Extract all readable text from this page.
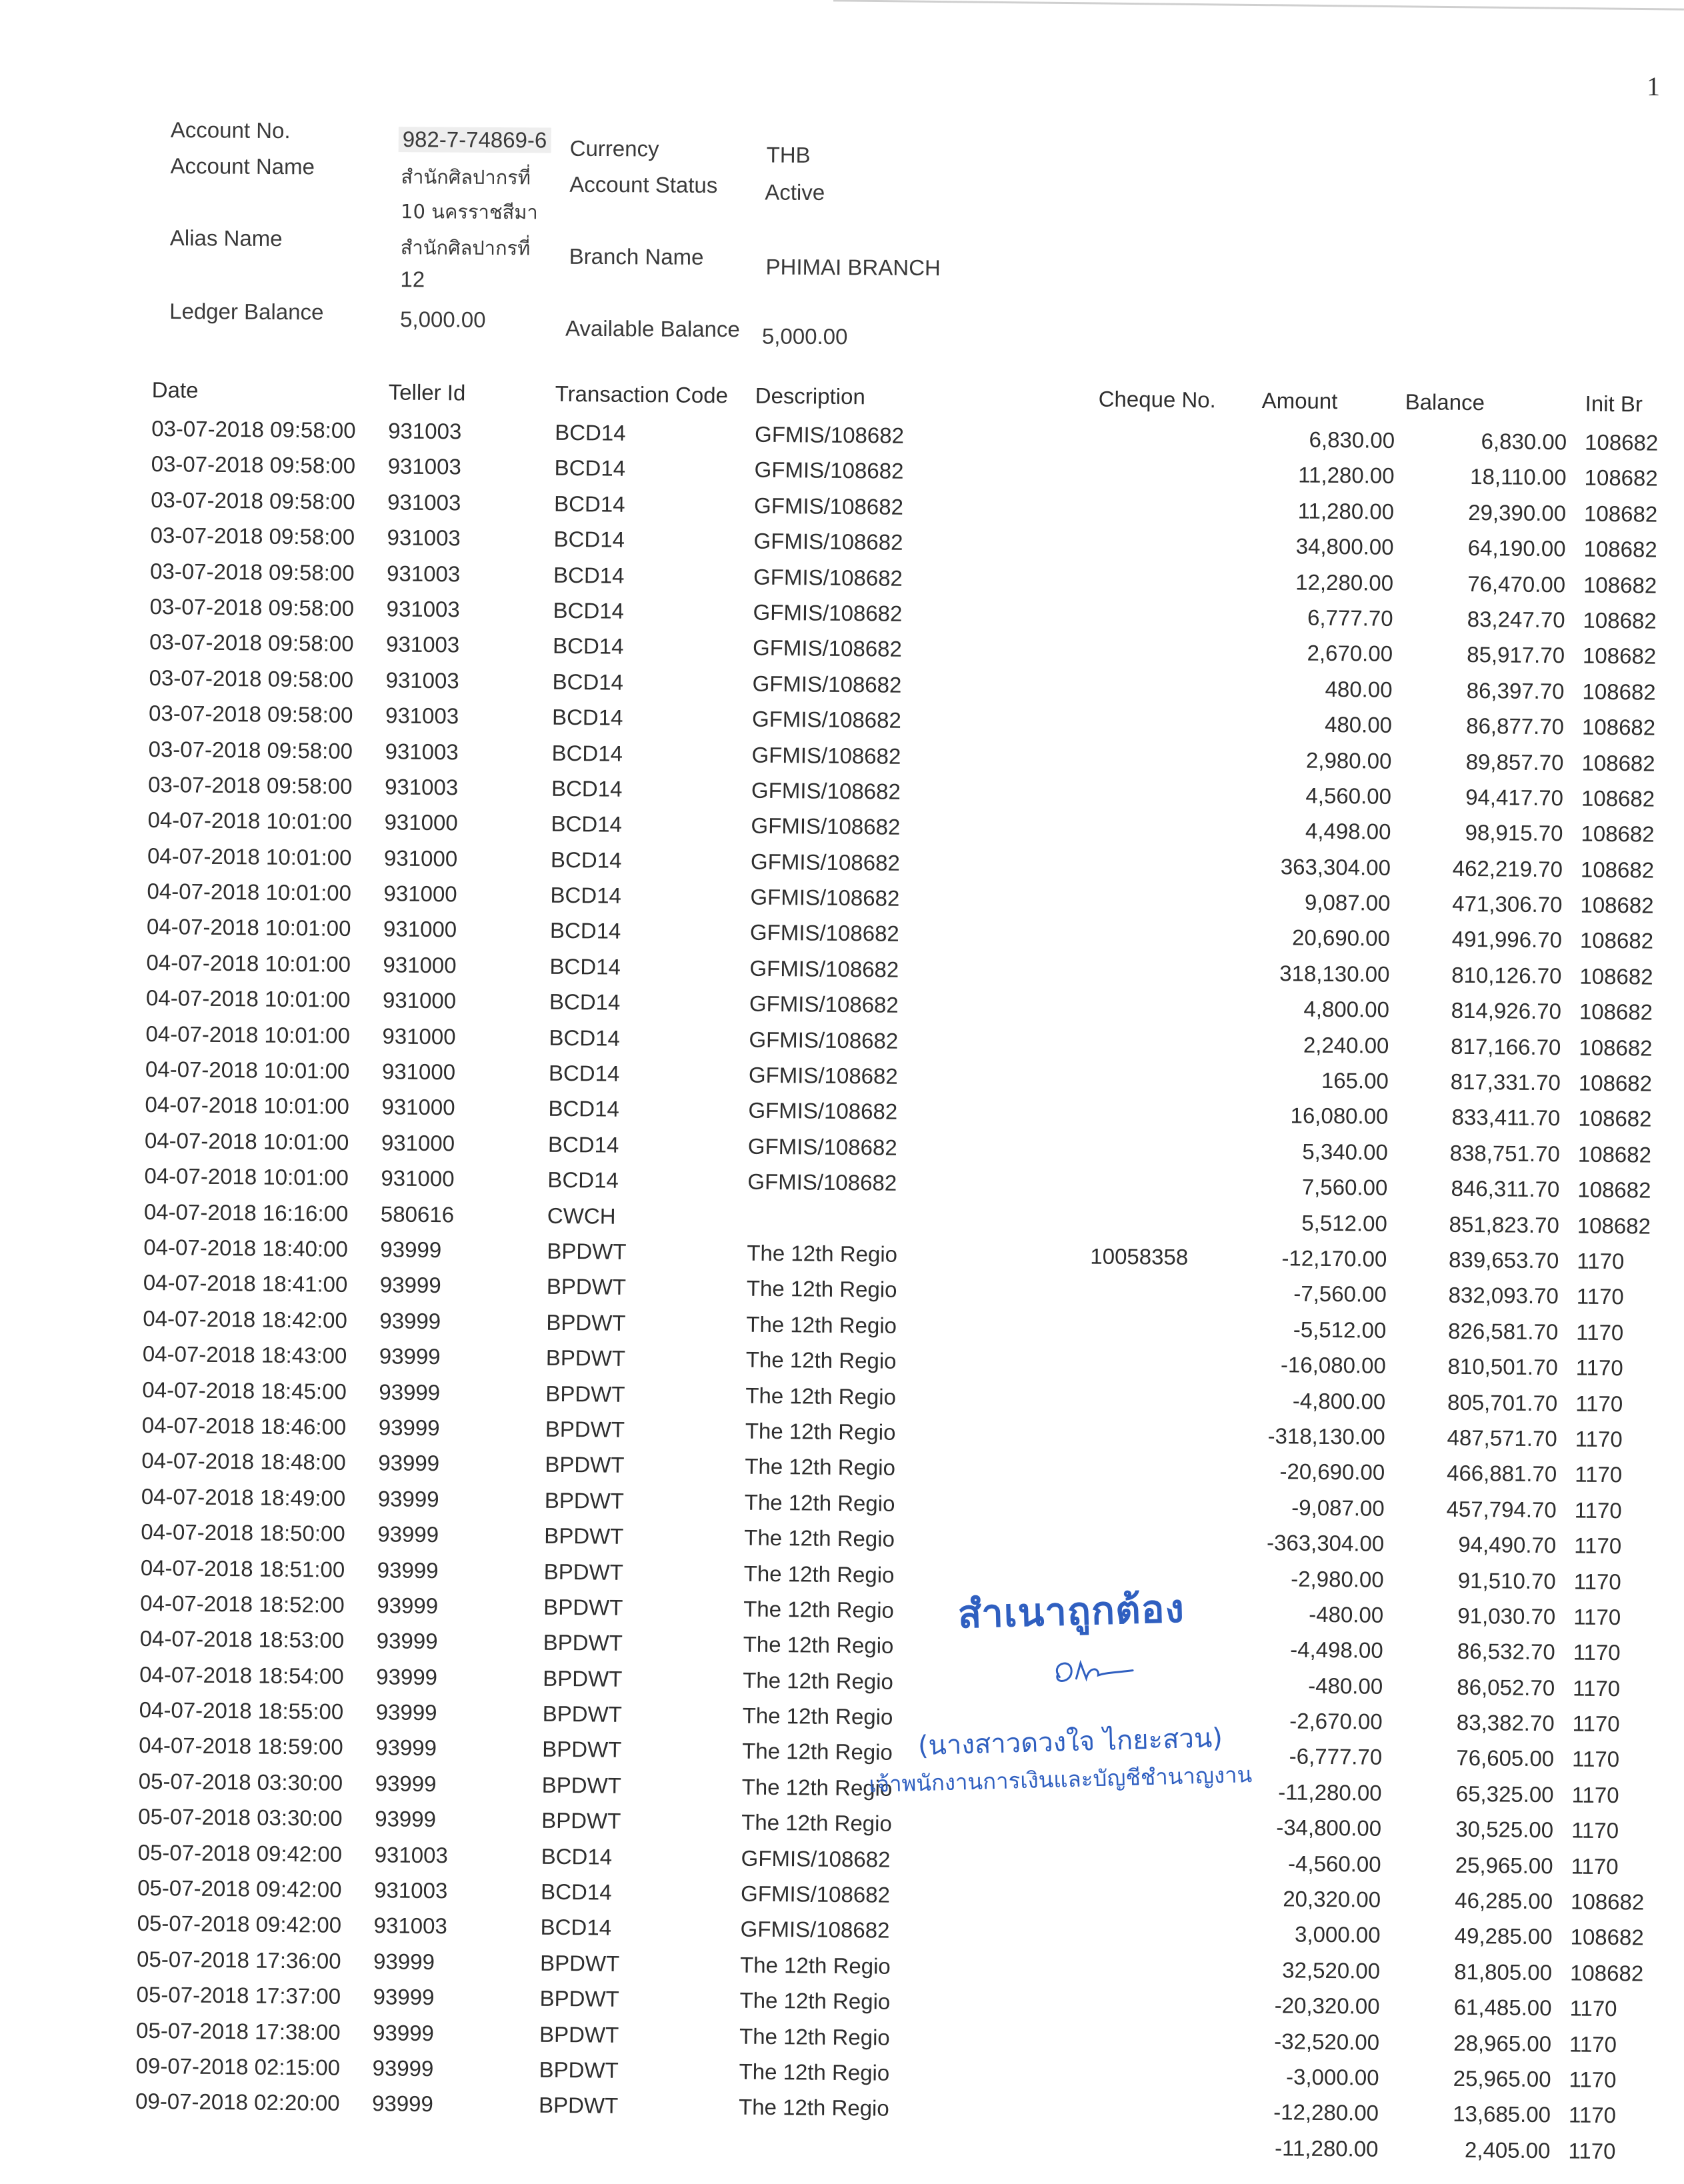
1
Account No.	982-7-74869-6 Currency	THB
Account Name	สำนักศิลปากรที่ Account Status Active
10 นครราชสีมา
Alias Name	สำนักศิลปากรที่ Branch Name	PHIMAI BRANCH
12
Ledger Balance	5,000.00	Available Balance 5,000.00
Date	Teller Id	Transaction Code Description	Cheque No. Amount	Balance	Init Br
03-07-2018 09:58:00 931003	BCD14	GFMIS/108682	6,830.00	6,830.00 108682
03-07-2018 09:58:00 931003	BCD14	GFMIS/108682	11,280.00	18,110.00 108682
03-07-2018 09:58:00 931003	BCD14	GFMIS/108682	11,280.00	29,390.00 108682
03-07-2018 09:58:00 931003	BCD14	GFMIS/108682	34,800.00	64,190.00 108682
03-07-2018 09:58:00 931003	BCD14	GFMIS/108682	12,280.00	76,470.00 108682
03-07-2018 09:58:00 931003	BCD14	GFMIS/108682	6,777.70	83,247.70 108682
03-07-2018 09:58:00 931003	BCD14	GFMIS/108682	2,670.00	85,917.70 108682
03-07-2018 09:58:00 931003	BCD14	GFMIS/108682	480.00	86,397.70 108682
03-07-2018 09:58:00 931003	BCD14	GFMIS/108682	480.00	86,877.70 108682
03-07-2018 09:58:00 931003	BCD14	GFMIS/108682	2,980.00	89,857.70 108682
03-07-2018 09:58:00 931003	BCD14	GFMIS/108682	4,560.00	94,417.70 108682
04-07-2018 10:01:00 931000	BCD14	GFMIS/108682	4,498.00	98,915.70 108682
04-07-2018 10:01:00 931000	BCD14	GFMIS/108682	363,304.00	462,219.70 108682
04-07-2018 10:01:00 931000	BCD14	GFMIS/108682	9,087.00	471,306.70 108682
04-07-2018 10:01:00 931000	BCD14	GFMIS/108682	20,690.00	491,996.70 108682
04-07-2018 10:01:00 931000	BCD14	GFMIS/108682	318,130.00	810,126.70 108682
04-07-2018 10:01:00 931000	BCD14	GFMIS/108682	4,800.00	814,926.70 108682
04-07-2018 10:01:00 931000	BCD14	GFMIS/108682	2,240.00	817,166.70 108682
04-07-2018 10:01:00 931000	BCD14	GFMIS/108682	165.00	817,331.70 108682
04-07-2018 10:01:00 931000	BCD14	GFMIS/108682	16,080.00	833,411.70 108682
04-07-2018 10:01:00 931000	BCD14	GFMIS/108682	5,340.00	838,751.70 108682
04-07-2018 10:01:00 931000	BCD14	GFMIS/108682	7,560.00	846,311.70 108682
04-07-2018 16:16:00 580616	CWCH	5,512.00	851,823.70 108682
04-07-2018 18:40:00 93999	BPDWT	The 12th Regio	10058358	-12,170.00	839,653.70 1170
04-07-2018 18:41:00 93999	BPDWT	The 12th Regio	-7,560.00	832,093.70 1170
04-07-2018 18:42:00 93999	BPDWT	The 12th Regio	-5,512.00	826,581.70 1170
04-07-2018 18:43:00 93999	BPDWT	The 12th Regio	-16,080.00	810,501.70 1170
04-07-2018 18:45:00 93999	BPDWT	The 12th Regio	-4,800.00	805,701.70 1170
04-07-2018 18:46:00 93999	BPDWT	The 12th Regio	-318,130.00	487,571.70 1170
04-07-2018 18:48:00 93999	BPDWT	The 12th Regio	-20,690.00	466,881.70 1170
04-07-2018 18:49:00 93999	BPDWT	The 12th Regio	-9,087.00	457,794.70 1170
04-07-2018 18:50:00 93999	BPDWT	The 12th Regio	-363,304.00	94,490.70 1170
04-07-2018 18:51:00 93999	BPDWT	The 12th Regio	-2,980.00	91,510.70 1170
04-07-2018 18:52:00 93999	BPDWT	The 12th Regio	-480.00	91,030.70 1170
04-07-2018 18:53:00 93999	BPDWT	The 12th Regio	-4,498.00	86,532.70 1170
04-07-2018 18:54:00 93999	BPDWT	The 12th Regio	-480.00	86,052.70 1170
04-07-2018 18:55:00 93999	BPDWT	The 12th Regio	-2,670.00	83,382.70 1170
04-07-2018 18:59:00 93999	BPDWT	The 12th Regio	-6,777.70	76,605.00 1170
05-07-2018 03:30:00 93999	BPDWT	The 12th Regio	-11,280.00	65,325.00 1170
05-07-2018 03:30:00 93999	BPDWT	The 12th Regio	-34,800.00	30,525.00 1170
05-07-2018 09:42:00 931003	BCD14	GFMIS/108682	-4,560.00	25,965.00 1170
05-07-2018 09:42:00 931003	BCD14	GFMIS/108682	20,320.00	46,285.00 108682
05-07-2018 09:42:00 931003	BCD14	GFMIS/108682	3,000.00	49,285.00 108682
05-07-2018 17:36:00 93999	BPDWT	The 12th Regio	32,520.00	81,805.00 108682
05-07-2018 17:37:00 93999	BPDWT	The 12th Regio	-20,320.00	61,485.00 1170
05-07-2018 17:38:00 93999	BPDWT	The 12th Regio	-32,520.00	28,965.00 1170
09-07-2018 02:15:00 93999	BPDWT	The 12th Regio	-3,000.00	25,965.00 1170
09-07-2018 02:20:00 93999	BPDWT	The 12th Regio	-12,280.00	13,685.00 1170
-11,280.00	2,405.00 1170
สำเนาถูกต้อง
(นางสาวดวงใจ ไกยะสวน)
เจ้าพนักงานการเงินและบัญชีชำนาญงาน
